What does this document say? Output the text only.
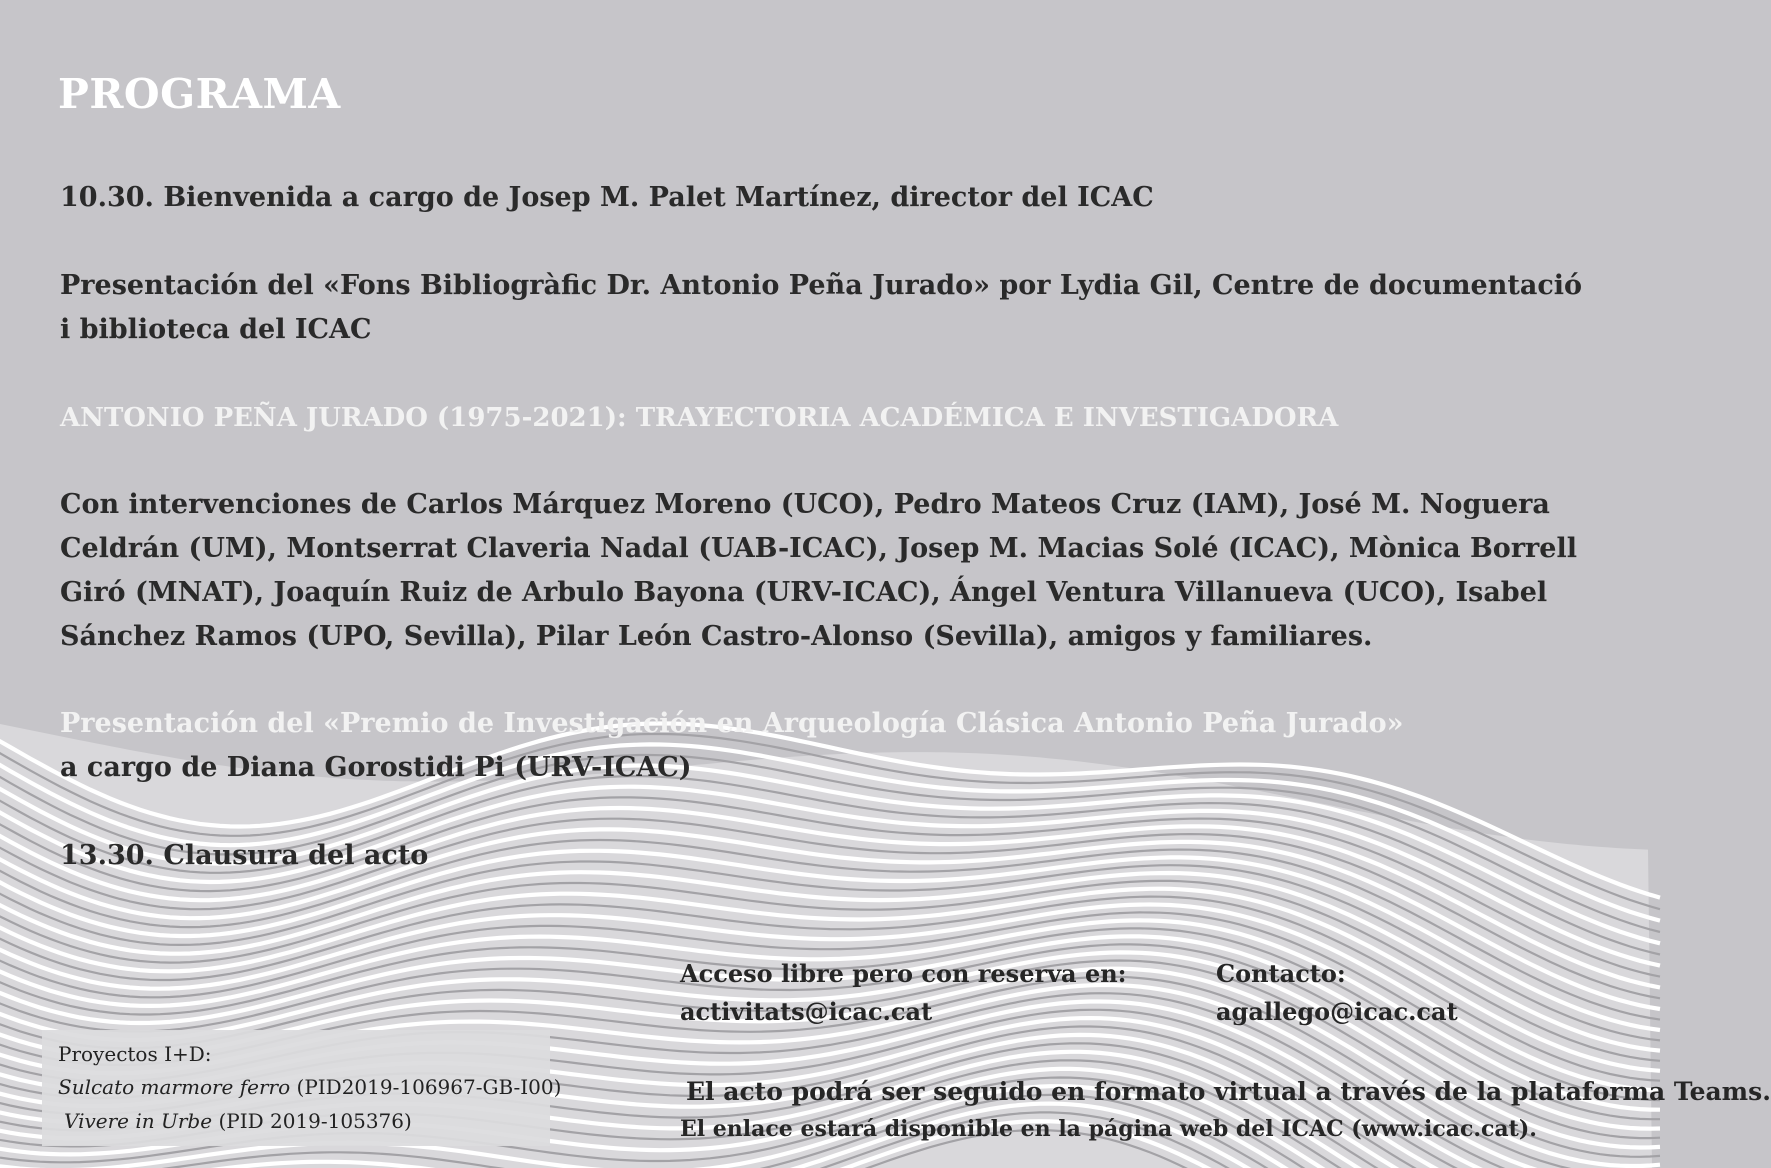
PROGRAMA
10.30. Bienvenida a cargo de Josep M. Palet Martínez, director del ICAC
Presentación del «Fons Bibliogràfic Dr. Antonio Peña Jurado» por Lydia Gil, Centre de documentació i biblioteca del ICAC
ANTONIO PEÑA JURADO (1975-2021): TRAYECTORIA ACADÉMICA E INVESTIGADORA
Con intervenciones de Carlos Márquez Moreno (UCO), Pedro Mateos Cruz (IAM), José M. Noguera Celdrán (UM), Montserrat Claveria Nadal (UAB-ICAC), Josep M. Macias Solé (ICAC), Mònica Borrell Giró (MNAT), Joaquín Ruiz de Arbulo Bayona (URV-ICAC), Ángel Ventura Villanueva (UCO), Isabel Sánchez Ramos (UPO, Sevilla), Pilar León Castro-Alonso (Sevilla), amigos y familiares.
Presentación del «Premio de Investigación en Arqueología Clásica Antonio Peña Jurado»
a cargo de Diana Gorostidi Pi (URV-ICAC)
13.30. Clausura del acto
Acceso libre pero con reserva en:
activitats@icac.cat
Contacto:
agallego@icac.cat
El acto podrá ser seguido en formato virtual a través de la plataforma Teams.
El enlace estará disponible en la página web del ICAC (www.icac.cat).
Proyectos I+D:
Sulcato marmore ferro (PID2019-106967-GB-I00)
Vivere in Urbe (PID 2019-105376)
